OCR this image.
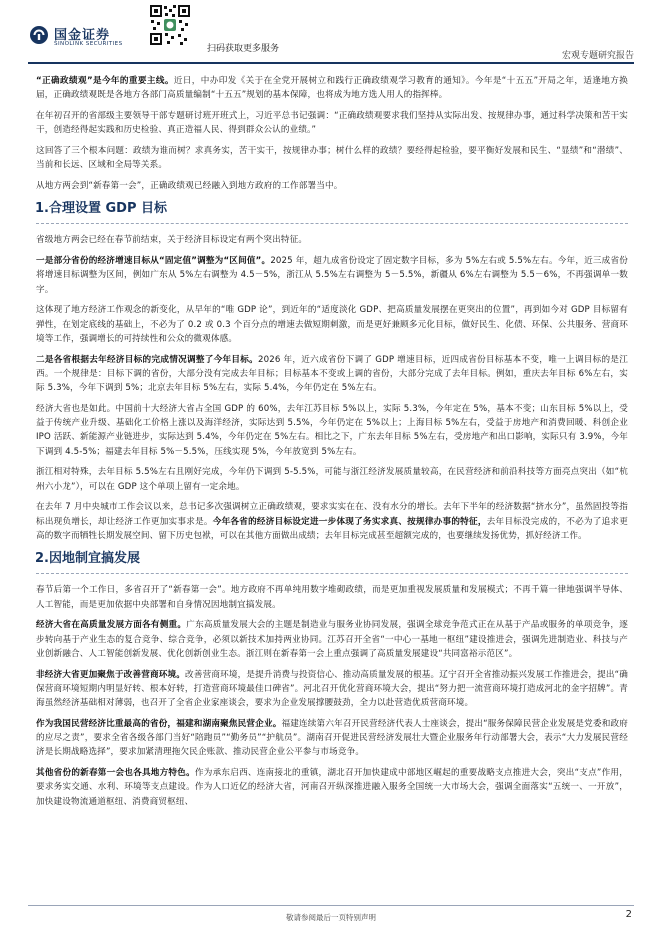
国金证券
SINOLINK SECURITIES	扫码获取更多服务
宏观专题研究报告

“正确政绩观”是今年的重要主线。近日，中办印发《关于在全党开展树立和践行正确政绩观学习教育的通知》。今年是“十五五”开局之年，适逢地方换届，正确政绩观既是各地方各部门高质量编制“十五五”规划的基本保障，也将成为地方选人用人的指挥棒。

在年初召开的省部级主要领导干部专题研讨班开班式上，习近平总书记强调：“正确政绩观要求我们坚持从实际出发、按规律办事，通过科学决策和苦干实干，创造经得起实践和历史检验、真正造福人民、得到群众公认的业绩。”

这回答了三个根本问题：政绩为谁而树？求真务实，苦干实干，按规律办事；树什么样的政绩？要经得起检验，要平衡好发展和民生、“显绩”和“潜绩”、当前和长远、区域和全局等关系。

从地方两会到“新春第一会”，正确政绩观已经融入到地方政府的工作部署当中。

1.合理设置 GDP 目标

省级地方两会已经在春节前结束，关于经济目标设定有两个突出特征。

一是部分省份的经济增速目标从“固定值”调整为“区间值”。2025 年，超九成省份设定了固定数字目标，多为 5%左右或 5.5%左右。今年，近三成省份将增速目标调整为区间，例如广东从 5%左右调整为 4.5－5%，浙江从 5.5%左右调整为 5－5.5%，新疆从 6%左右调整为 5.5－6%，不再强调单一数字。

这体现了地方经济工作观念的新变化，从早年的“唯 GDP 论”，到近年的“适度淡化 GDP、把高质量发展摆在更突出的位置”，再到如今对 GDP 目标留有弹性，在划定底线的基础上，不必为了 0.2 或 0.3 个百分点的增速去做短期刺激，而是更好兼顾多元化目标，做好民生、化债、环保、公共服务、营商环境等工作，强调增长的可持续性和公众的微观体感。

二是各省根据去年经济目标的完成情况调整了今年目标。2026 年，近六成省份下调了 GDP 增速目标，近四成省份目标基本不变，唯一上调目标的是江西。一个规律是：目标下调的省份，大部分没有完成去年目标；目标基本不变或上调的省份，大部分完成了去年目标。例如，重庆去年目标 6%左右，实际 5.3%，今年下调到 5%；北京去年目标 5%左右，实际 5.4%，今年仍定在 5%左右。

经济大省也是如此。中国前十大经济大省占全国 GDP 的 60%，去年江苏目标 5%以上，实际 5.3%，今年定在 5%，基本不变；山东目标 5%以上，受益于传统产业升级、基础化工价格上涨以及海洋经济，实际达到 5.5%，今年仍定在 5%以上；上海目标 5%左右，受益于房地产和消费回暖、科创企业 IPO 活跃、新能源产业链进步，实际达到 5.4%，今年仍定在 5%左右。相比之下，广东去年目标 5%左右，受房地产和出口影响，实际只有 3.9%，今年下调到 4.5-5%；福建去年目标 5%－5.5%，压线实现 5%，今年放宽到 5%左右。

浙江相对特殊，去年目标 5.5%左右且刚好完成，今年仍下调到 5-5.5%，可能与浙江经济发展质量较高，在民营经济和前沿科技等方面亮点突出（如“杭州六小龙”），可以在 GDP 这个单项上留有一定余地。

在去年 7 月中央城市工作会议以来，总书记多次强调树立正确政绩观，要求实实在在、没有水分的增长。去年下半年的经济数据“挤水分”，虽然固投等指标出现负增长，却让经济工作更加实事求是。今年各省的经济目标设定进一步体现了务实求真、按规律办事的特征，去年目标没完成的，不必为了追求更高的数字而牺牲长期发展空间、留下历史包袱，可以在其他方面做出成绩；去年目标完成甚至超额完成的，也要继续发扬优势，抓好经济工作。

2.因地制宜搞发展

春节后第一个工作日，多省召开了“新春第一会”。地方政府不再单纯用数字堆砌政绩，而是更加重视发展质量和发展模式；不再千篇一律地强调半导体、人工智能，而是更加依据中央部署和自身情况因地制宜搞发展。

经济大省在高质量发展方面各有侧重。广东高质量发展大会的主题是制造业与服务业协同发展，强调全球竞争范式正在从基于产品或服务的单项竞争，逐步转向基于产业生态的复合竞争、综合竞争，必须以新技术加持两业协同。江苏召开全省“一中心一基地一枢纽”建设推进会，强调先进制造业、科技与产业创新融合、人工智能创新发展、优化创新创业生态。浙江则在新春第一会上重点强调了高质量发展建设“共同富裕示范区”。

非经济大省更加聚焦于改善营商环境。改善营商环境，是提升消费与投资信心、推动高质量发展的根基。辽宁召开全省推动振兴发展工作推进会，提出“确保营商环境短期内明显好转、根本好转，打造营商环境最佳口碑省”。河北召开优化营商环境大会，提出“努力把一流营商环境打造成河北的金字招牌”。青海虽然经济基础相对薄弱，也召开了全省企业家座谈会，要求为企业发展撑腰鼓劲，全力以赴营造优质营商环境。

作为我国民营经济比重最高的省份，福建和湖南聚焦民营企业。福建连续第六年召开民营经济代表人士座谈会，提出“服务保障民营企业发展是党委和政府的应尽之责”，要求全省各级各部门当好“陪跑员”“勤务员”“护航员”。湖南召开促进民营经济发展壮大暨企业服务年行动部署大会，表示“大力发展民营经济是长期战略选择”，要求加紧清理拖欠民企账款、推动民营企业公平参与市场竞争。

其他省份的新春第一会也各具地方特色。作为承东启西、连南接北的重镇，湖北召开加快建成中部地区崛起的重要战略支点推进大会，突出“支点”作用，要求务实交通、水利、环境等支点建设。作为人口近亿的经济大省，河南召开纵深推进融入服务全国统一大市场大会，强调全面落实“五统一、一开放”，加快建设物流通道枢纽、消费商贸枢纽、

敬请参阅最后一页特别声明	2
